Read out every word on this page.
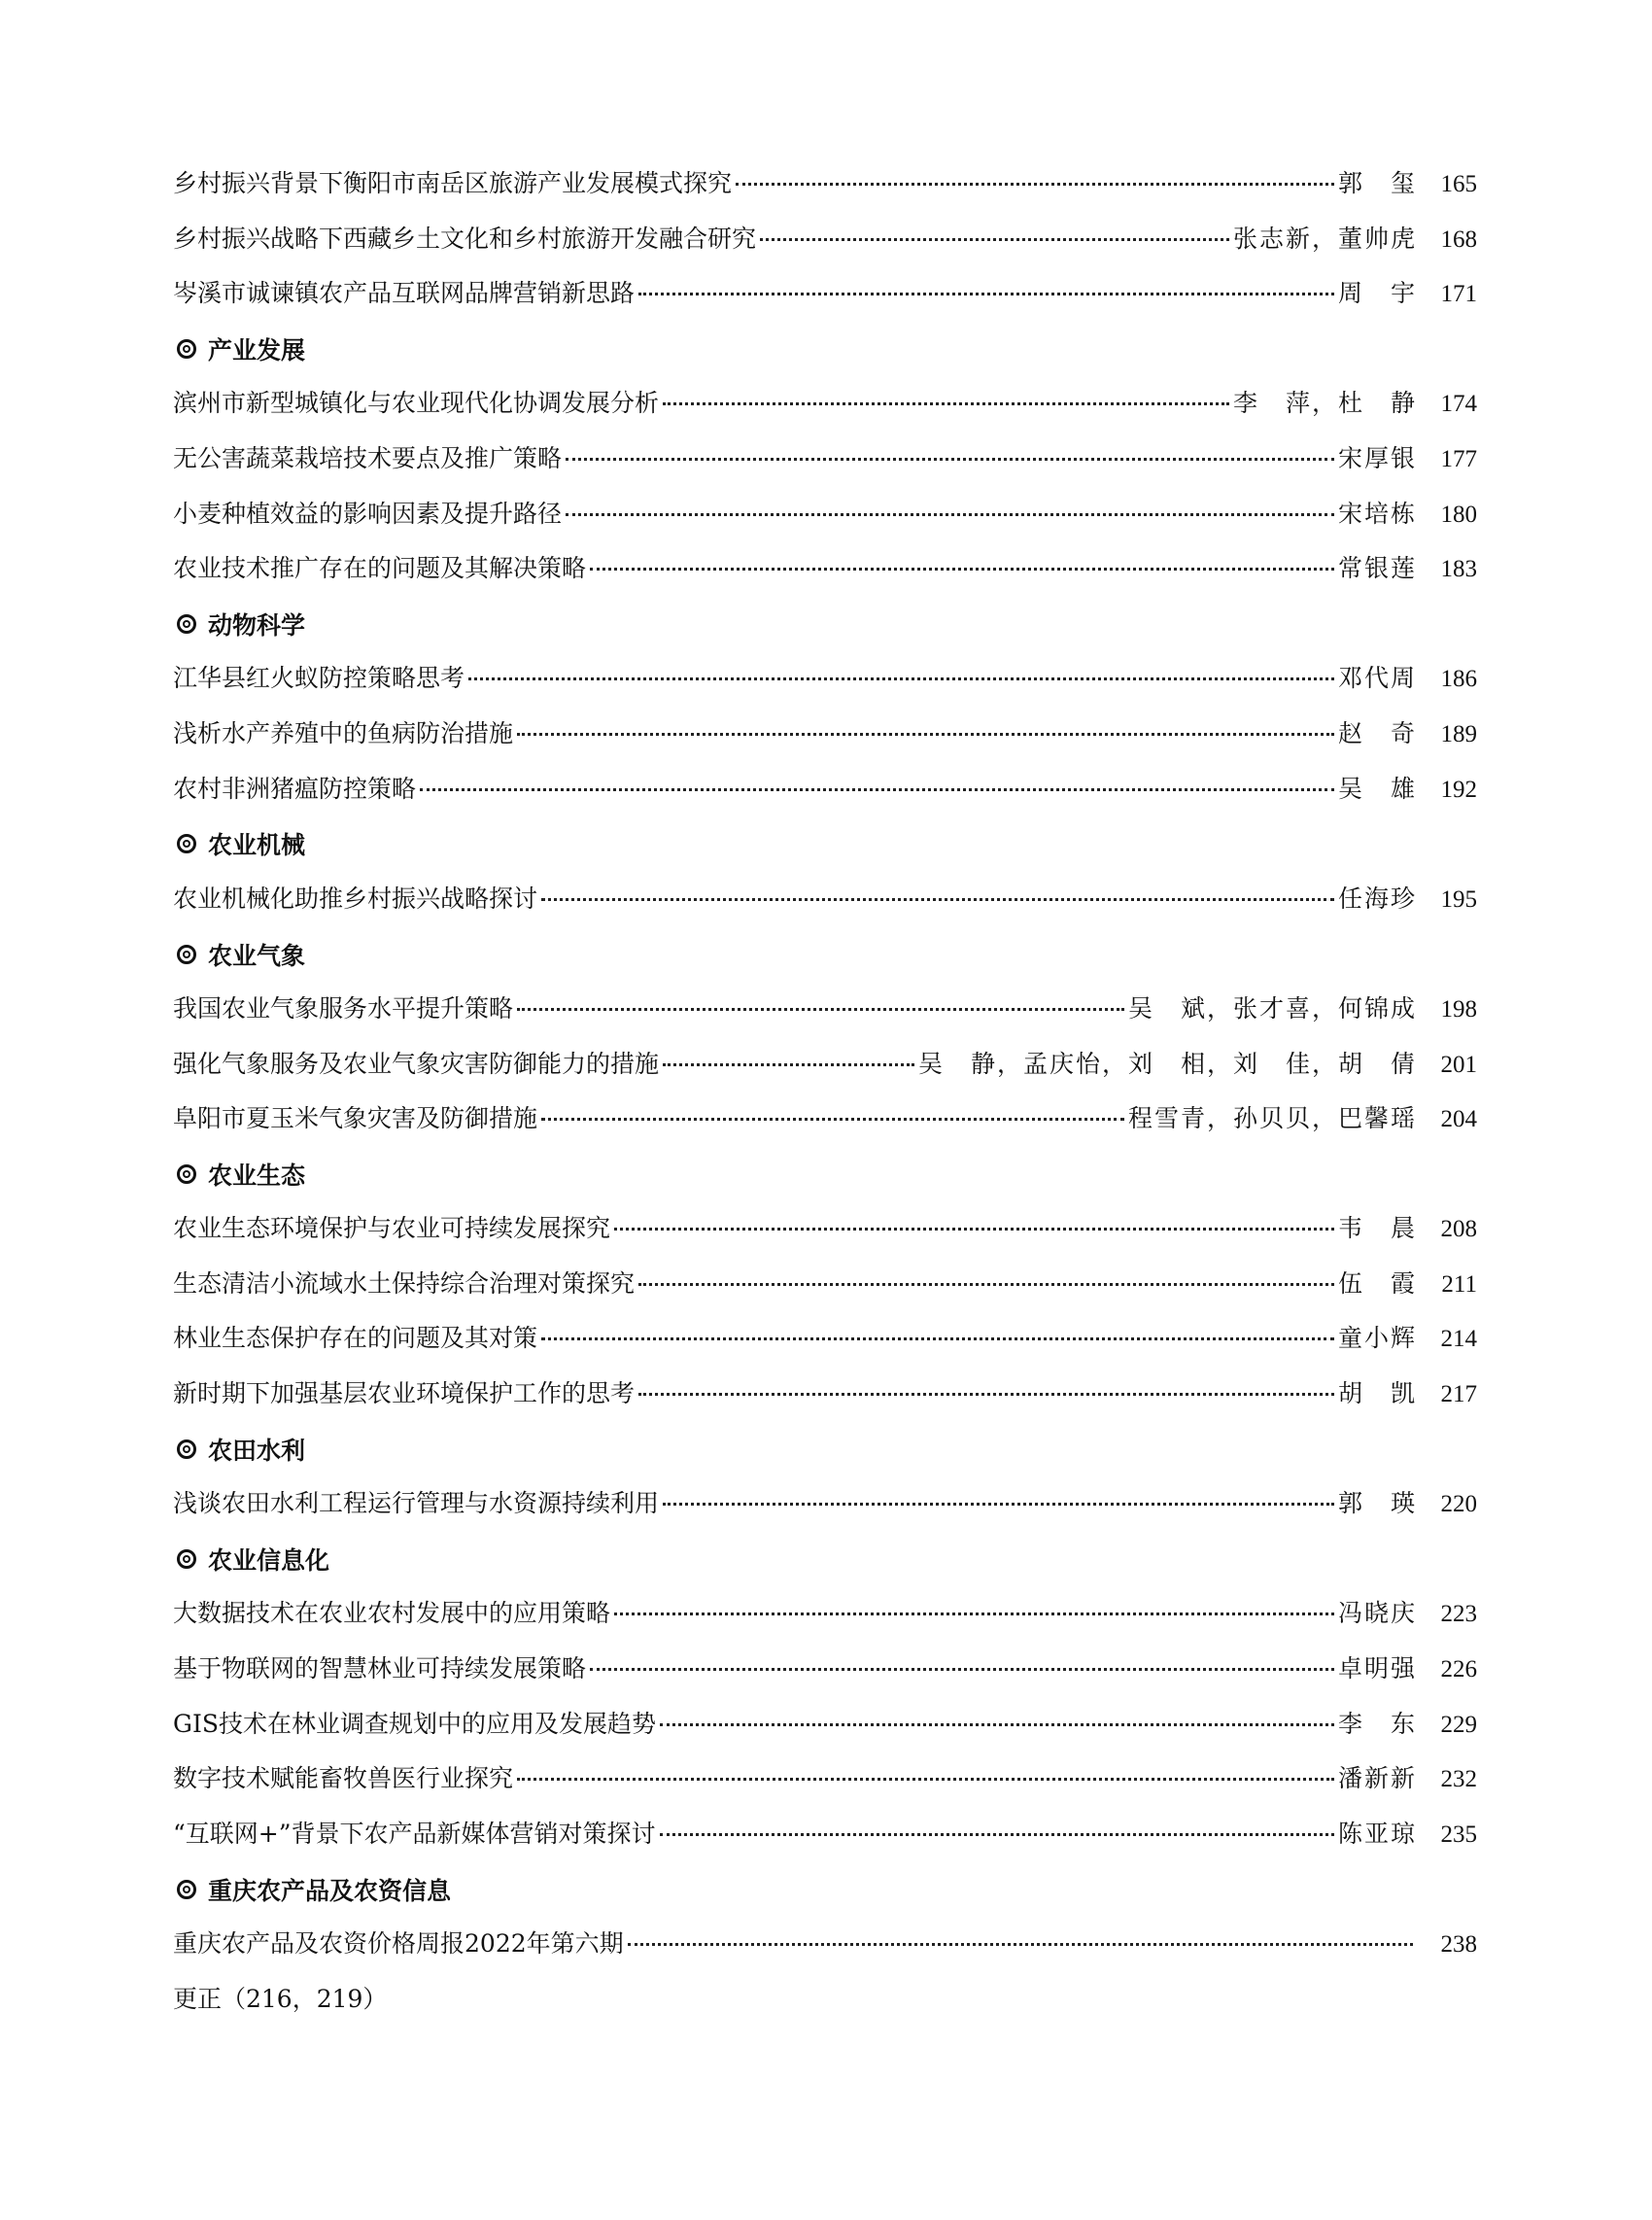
乡村振兴背景下衡阳市南岳区旅游产业发展模式探究	郭　玺 165
乡村振兴战略下西藏乡土文化和乡村旅游开发融合研究	张志新，董帅虎 168
岑溪市诚谏镇农产品互联网品牌营销新思路	周　宇 171
产业发展
滨州市新型城镇化与农业现代化协调发展分析	李　萍，杜　静 174
无公害蔬菜栽培技术要点及推广策略	宋厚银 177
小麦种植效益的影响因素及提升路径	宋培栋 180
农业技术推广存在的问题及其解决策略	常银莲 183
动物科学
江华县红火蚁防控策略思考	邓代周 186
浅析水产养殖中的鱼病防治措施	赵　奇 189
农村非洲猪瘟防控策略	吴　雄 192
农业机械
农业机械化助推乡村振兴战略探讨	任海珍 195
农业气象
我国农业气象服务水平提升策略	吴　斌，张才喜，何锦成 198
强化气象服务及农业气象灾害防御能力的措施	吴　静，孟庆怡，刘　相，刘　佳，胡　倩 201
阜阳市夏玉米气象灾害及防御措施	程雪青，孙贝贝，巴馨瑶 204
农业生态
农业生态环境保护与农业可持续发展探究	韦　晨 208
生态清洁小流域水土保持综合治理对策探究	伍　霞	211
林业生态保护存在的问题及其对策	童小辉 214
新时期下加强基层农业环境保护工作的思考	胡　凯 217
农田水利
浅谈农田水利工程运行管理与水资源持续利用	郭　瑛 220
农业信息化
大数据技术在农业农村发展中的应用策略	冯晓庆 223
基于物联网的智慧林业可持续发展策略	卓明强 226
GIS技术在林业调查规划中的应用及发展趋势	李　东 229
数字技术赋能畜牧兽医行业探究	潘新新 232
“互联网+”背景下农产品新媒体营销对策探讨	陈亚琼 235
重庆农产品及农资信息
重庆农产品及农资价格周报2022年第六期	238
更正（216，219）
